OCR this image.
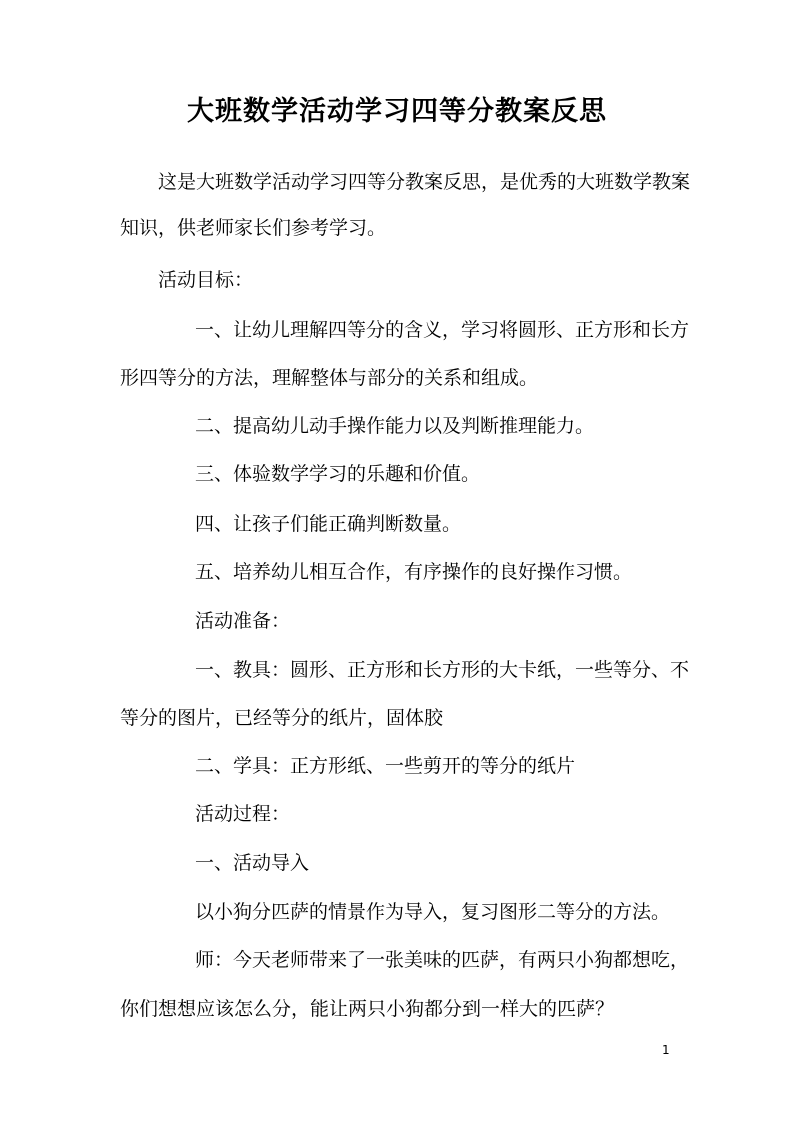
大班数学活动学习四等分教案反思

这是大班数学活动学习四等分教案反思，是优秀的大班数学教案

知识，供老师家长们参考学习。

活动目标：

一、让幼儿理解四等分的含义，学习将圆形、正方形和长方

形四等分的方法，理解整体与部分的关系和组成。

二、提高幼儿动手操作能力以及判断推理能力。

三、体验数学学习的乐趣和价值。

四、让孩子们能正确判断数量。

五、培养幼儿相互合作，有序操作的良好操作习惯。

活动准备：

一、教具：圆形、正方形和长方形的大卡纸，一些等分、不

等分的图片，已经等分的纸片，固体胶

二、学具：正方形纸、一些剪开的等分的纸片

活动过程：

一、活动导入

以小狗分匹萨的情景作为导入，复习图形二等分的方法。

师：今天老师带来了一张美味的匹萨，有两只小狗都想吃，

你们想想应该怎么分，能让两只小狗都分到一样大的匹萨？

1
